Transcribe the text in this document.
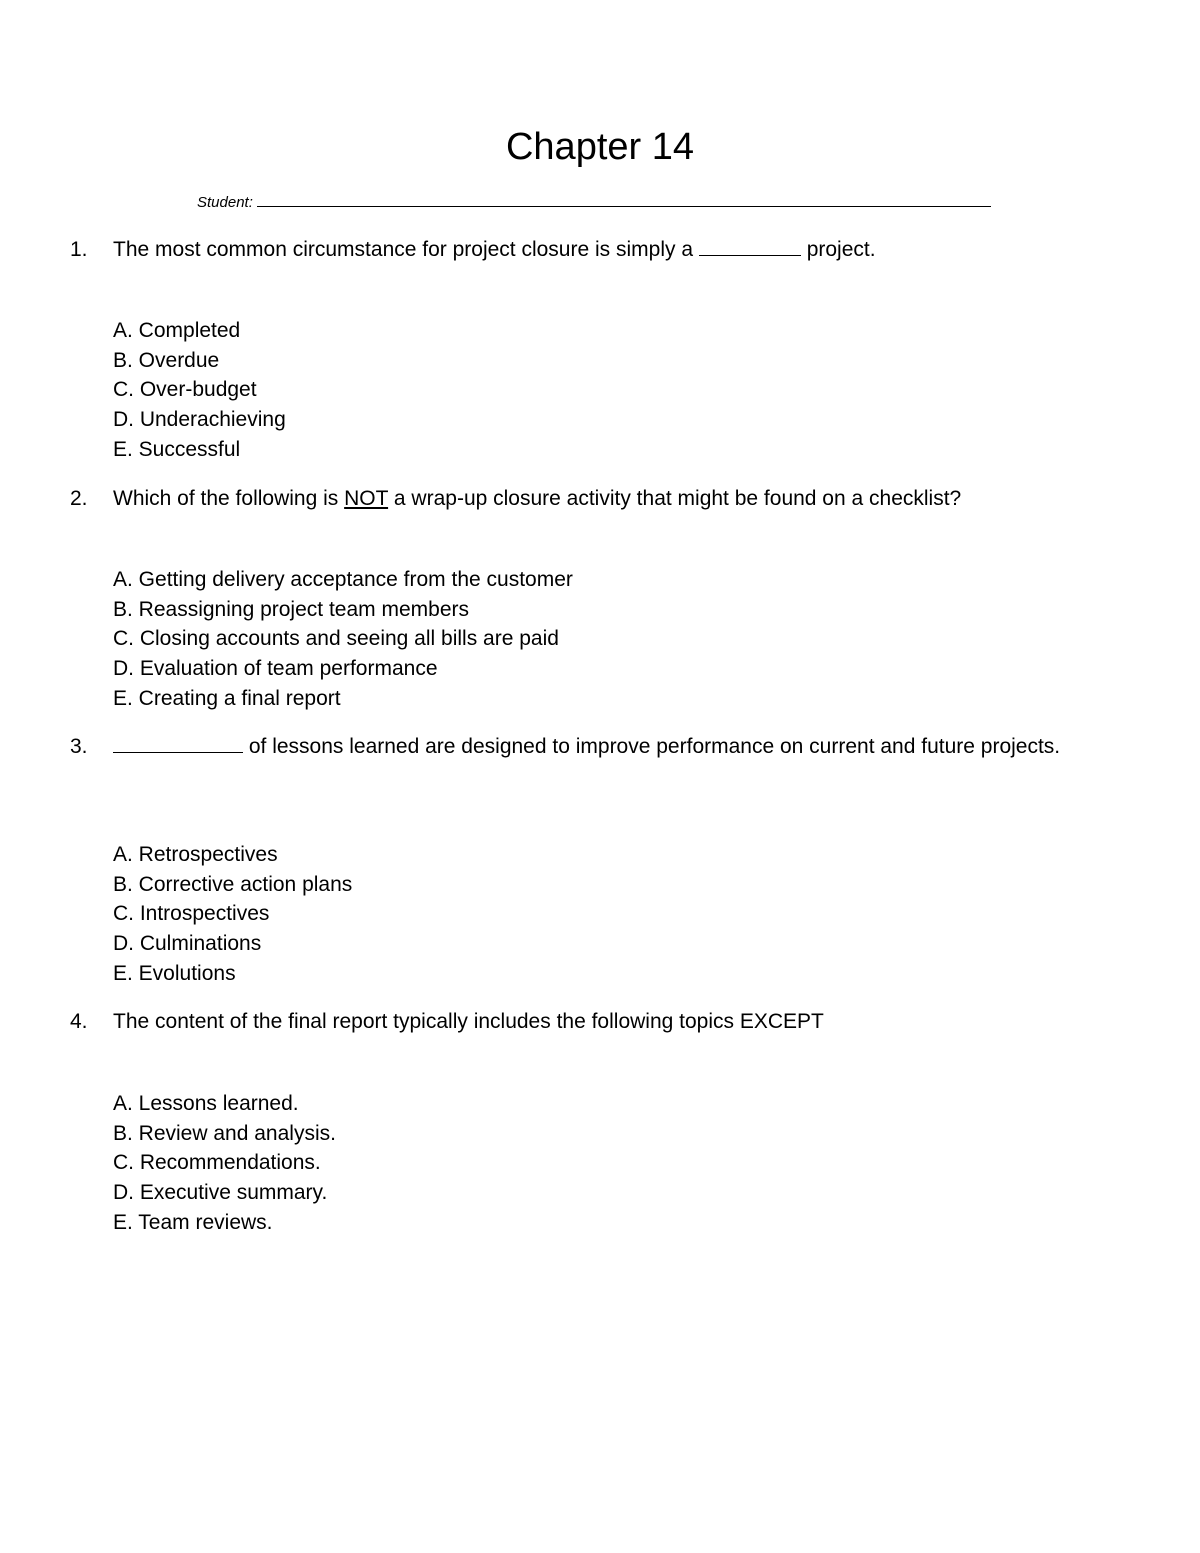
Chapter 14
Student:
1. The most common circumstance for project closure is simply a	project.
A. Completed
B. Overdue
C. Over-budget
D. Underachieving
E. Successful
2. Which of the following is NOT a wrap-up closure activity that might be found on a checklist?
A. Getting delivery acceptance from the customer
B. Reassigning project team members
C. Closing accounts and seeing all bills are paid
D. Evaluation of team performance
E. Creating a final report
3.	of lessons learned are designed to improve performance on current and future projects.
A. Retrospectives
B. Corrective action plans
C. Introspectives
D. Culminations
E. Evolutions
4. The content of the final report typically includes the following topics EXCEPT
A. Lessons learned.
B. Review and analysis.
C. Recommendations.
D. Executive summary.
E. Team reviews.
